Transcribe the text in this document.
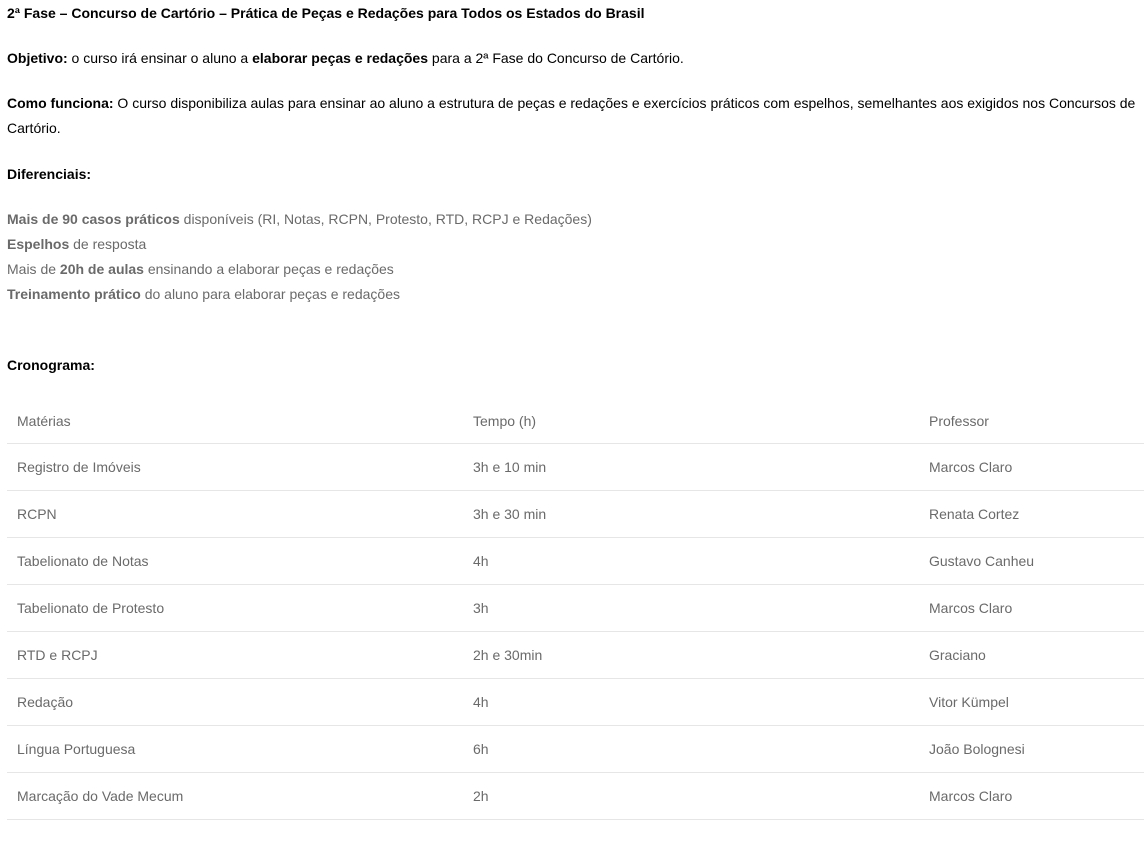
2ª Fase – Concurso de Cartório – Prática de Peças e Redações para Todos os Estados do Brasil

Objetivo: o curso irá ensinar o aluno a elaborar peças e redações para a 2ª Fase do Concurso de Cartório.

Como funciona: O curso disponibiliza aulas para ensinar ao aluno a estrutura de peças e redações e exercícios práticos com espelhos, semelhantes aos exigidos nos Concursos de Cartório.

Diferenciais:

Mais de 90 casos práticos disponíveis (RI, Notas, RCPN, Protesto, RTD, RCPJ e Redações)
Espelhos de resposta
Mais de 20h de aulas ensinando a elaborar peças e redações
Treinamento prático do aluno para elaborar peças e redações

Cronograma:

Matérias	Tempo (h)	Professor
Registro de Imóveis	3h e 10 min	Marcos Claro
RCPN	3h e 30 min	Renata Cortez
Tabelionato de Notas	4h	Gustavo Canheu
Tabelionato de Protesto	3h	Marcos Claro
RTD e RCPJ	2h e 30min	Graciano
Redação	4h	Vitor Kümpel
Língua Portuguesa	6h	João Bolognesi
Marcação do Vade Mecum	2h	Marcos Claro
